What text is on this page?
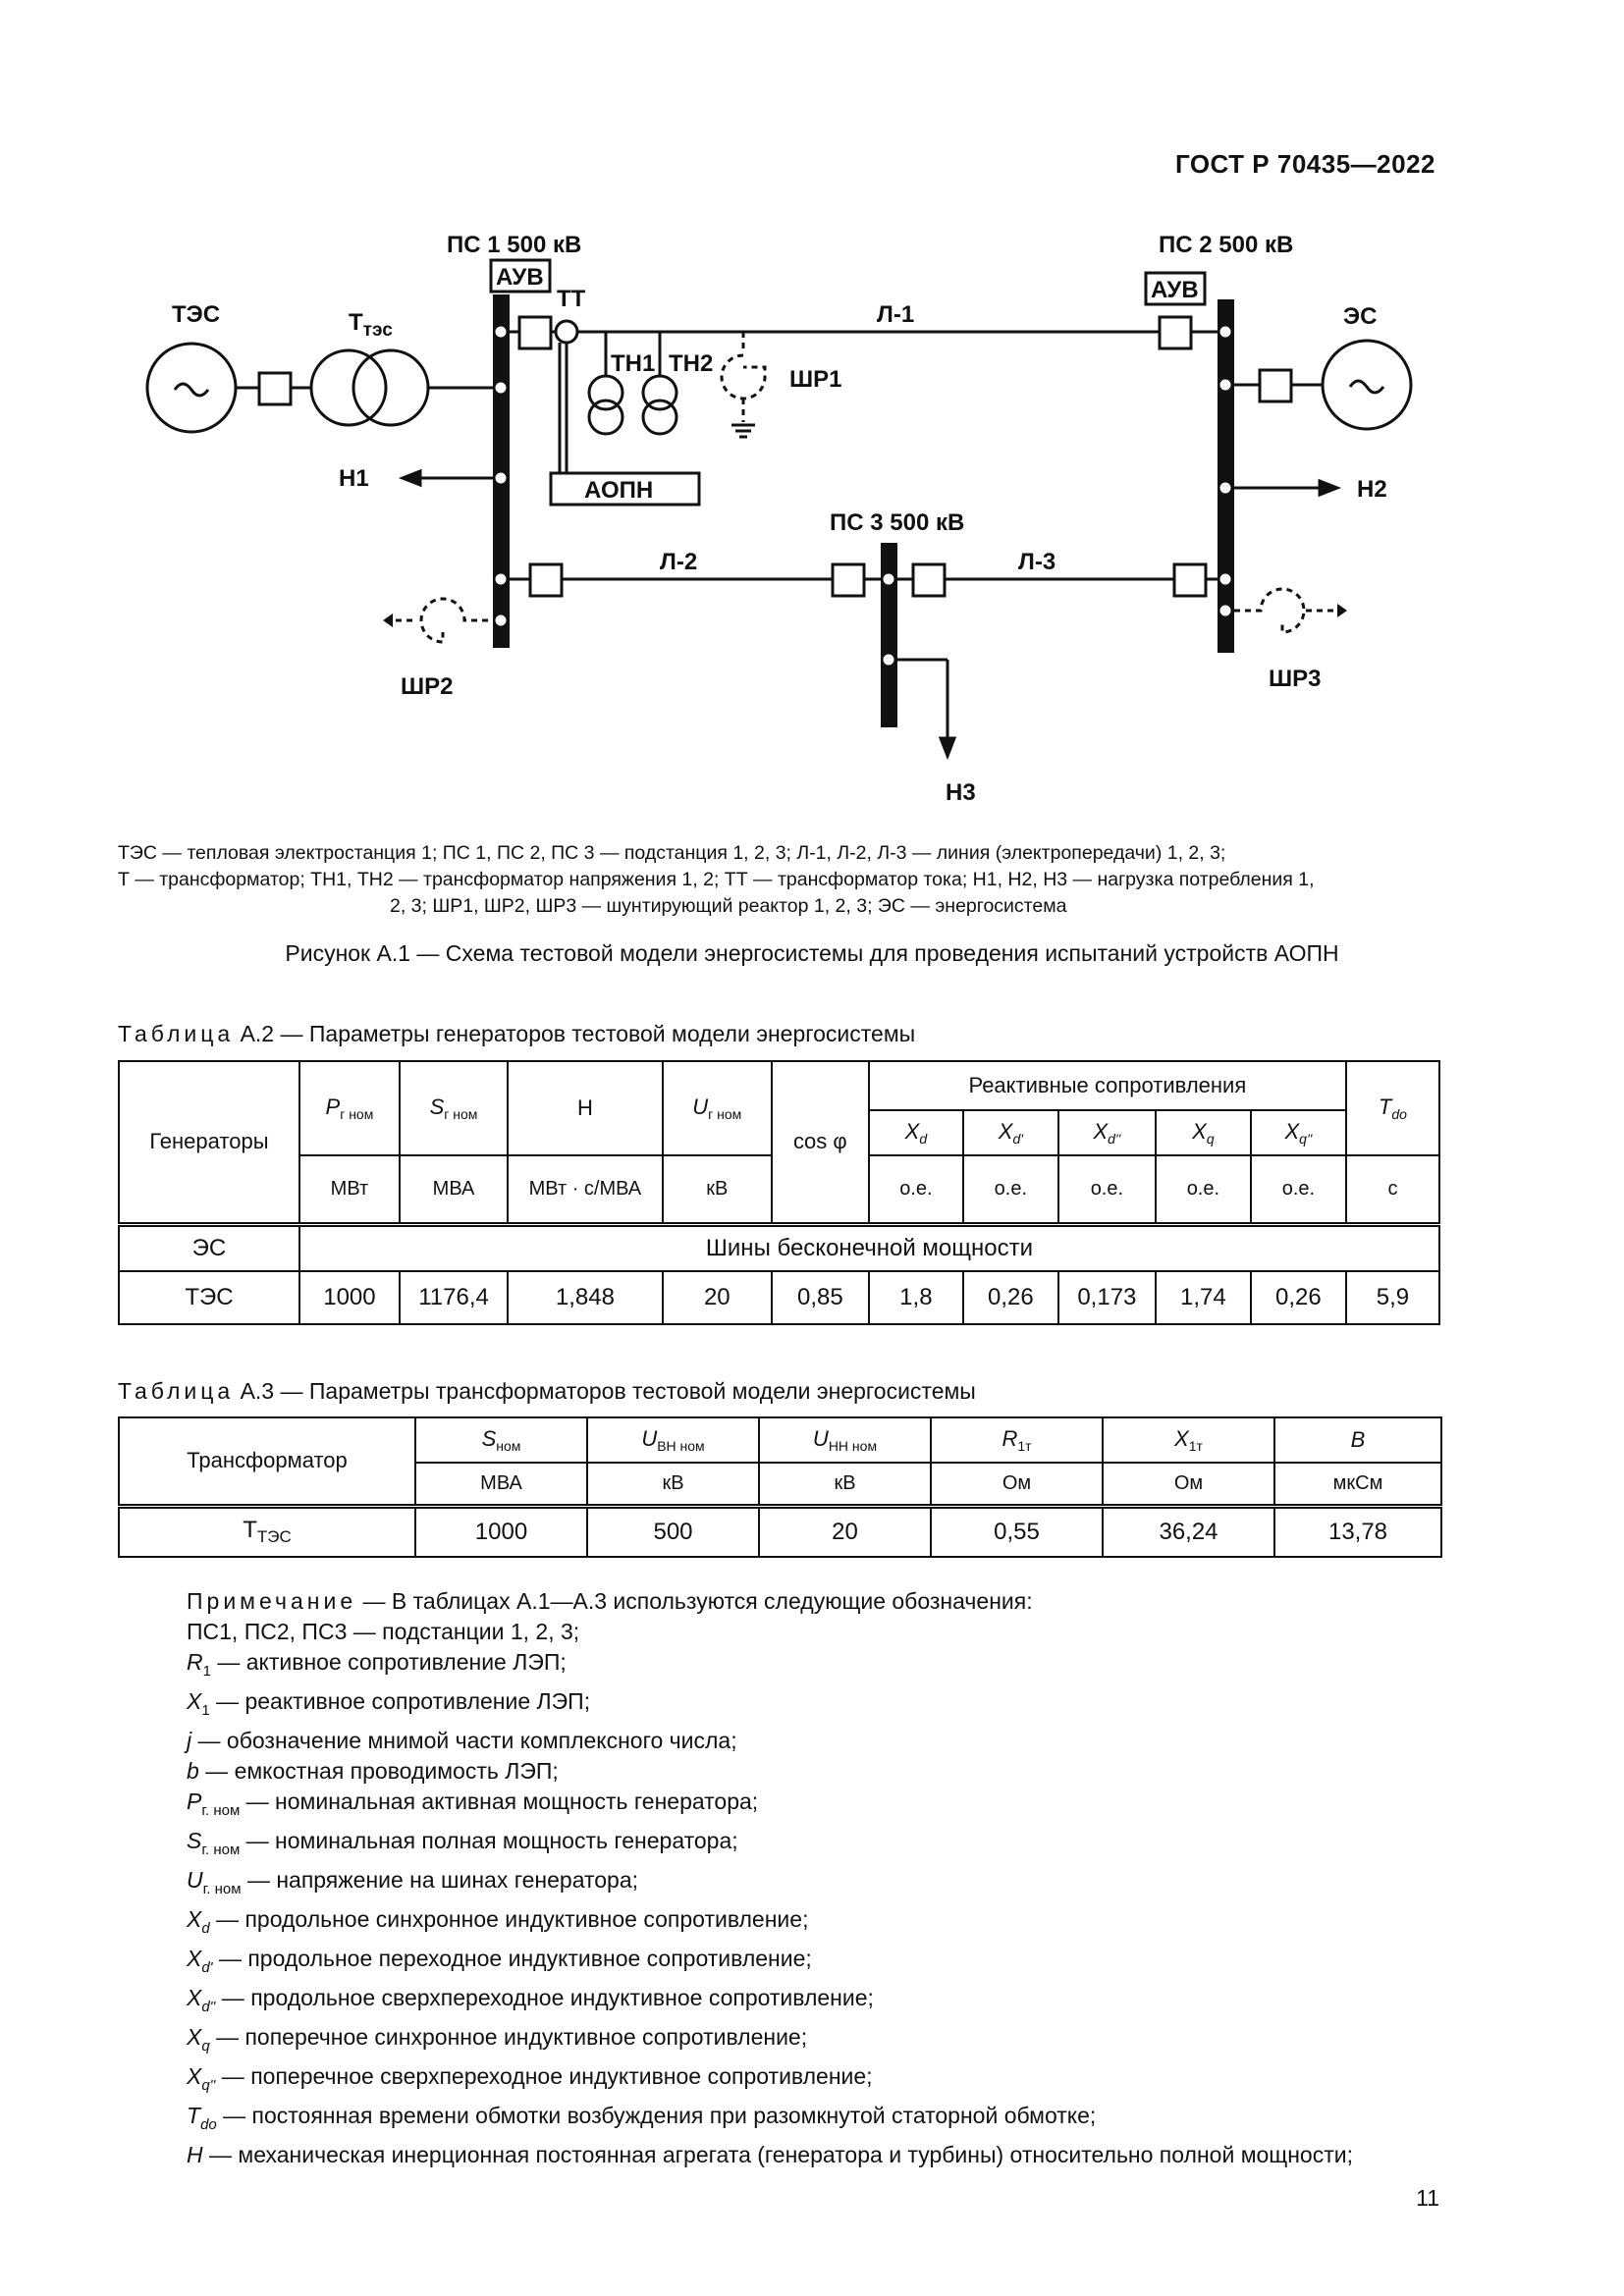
ГОСТ Р 70435—2022
ПС 1 500 кВ	ПС 2 500 кВ
ПС 3 500 кВ
АУВ	АУВ
ТТ
ТЭС	ЭС
$Т_{тэс}$
ТН1 ТН2
ШР1
ШР2	ШР3
Л-1
Л-2	Л-3
Н1	Н2
Н3
АОПН
ТЭС — тепловая электростанция 1; ПС 1, ПС 2, ПС 3 — подстанция 1, 2, 3; Л-1, Л-2, Л-3 — линия (электропередачи) 1, 2, 3;
Т — трансформатор; ТН1, ТН2 — трансформатор напряжения 1, 2; ТТ — трансформатор тока; Н1, Н2, Н3 — нагрузка потребления 1,
2, 3; ШР1, ШР2, ШР3 — шунтирующий реактор 1, 2, 3; ЭС — энергосистема
Рисунок А.1 — Схема тестовой модели энергосистемы для проведения испытаний устройств АОПН
Таблица А.2 — Параметры генераторов тестовой модели энергосистемы
Генераторы	$P_{г ном}$	$S_{г ном}$	H	$U_{г ном}$	cos φ	Реактивные сопротивления					$T_{do}$
						$X_d$	$X_{d'}$	$X_{d''}$	$X_q$	$X_{q''}$
	МВт	МВА	МВт · с/МВА	кВ		о.е.	о.е.	о.е.	о.е.	о.е.	с
ЭС	Шины бесконечной мощности										
ТЭС	1000	1176,4	1,848	20	0,85	1,8	0,26	0,173	1,74	0,26	5,9
Таблица А.3 — Параметры трансформаторов тестовой модели энергосистемы
Трансформатор	$S_{ном}$	$U_{ВН ном}$	$U_{НН ном}$	$R_{1т}$	$X_{1т}$	B
	МВА	кВ	кВ	Ом	Ом	мкСм
$Т_{ТЭС}$	1000	500	20	0,55	36,24	13,78
Примечание — В таблицах А.1—А.3 используются следующие обозначения:
ПС1, ПС2, ПС3 — подстанции 1, 2, 3;
$R_1$ — активное сопротивление ЛЭП;
$X_1$ — реактивное сопротивление ЛЭП;
j — обозначение мнимой части комплексного числа;
b — емкостная проводимость ЛЭП;
$P_{г. ном}$ — номинальная активная мощность генератора;
$S_{г. ном}$ — номинальная полная мощность генератора;
$U_{г. ном}$ — напряжение на шинах генератора;
$X_d$ — продольное синхронное индуктивное сопротивление;
$X_{d'}$ — продольное переходное индуктивное сопротивление;
$X_{d''}$ — продольное сверхпереходное индуктивное сопротивление;
$X_q$ — поперечное синхронное индуктивное сопротивление;
$X_{q''}$ — поперечное сверхпереходное индуктивное сопротивление;
$T_{do}$ — постоянная времени обмотки возбуждения при разомкнутой статорной обмотке;
H — механическая инерционная постоянная агрегата (генератора и турбины) относительно полной мощности;
11
